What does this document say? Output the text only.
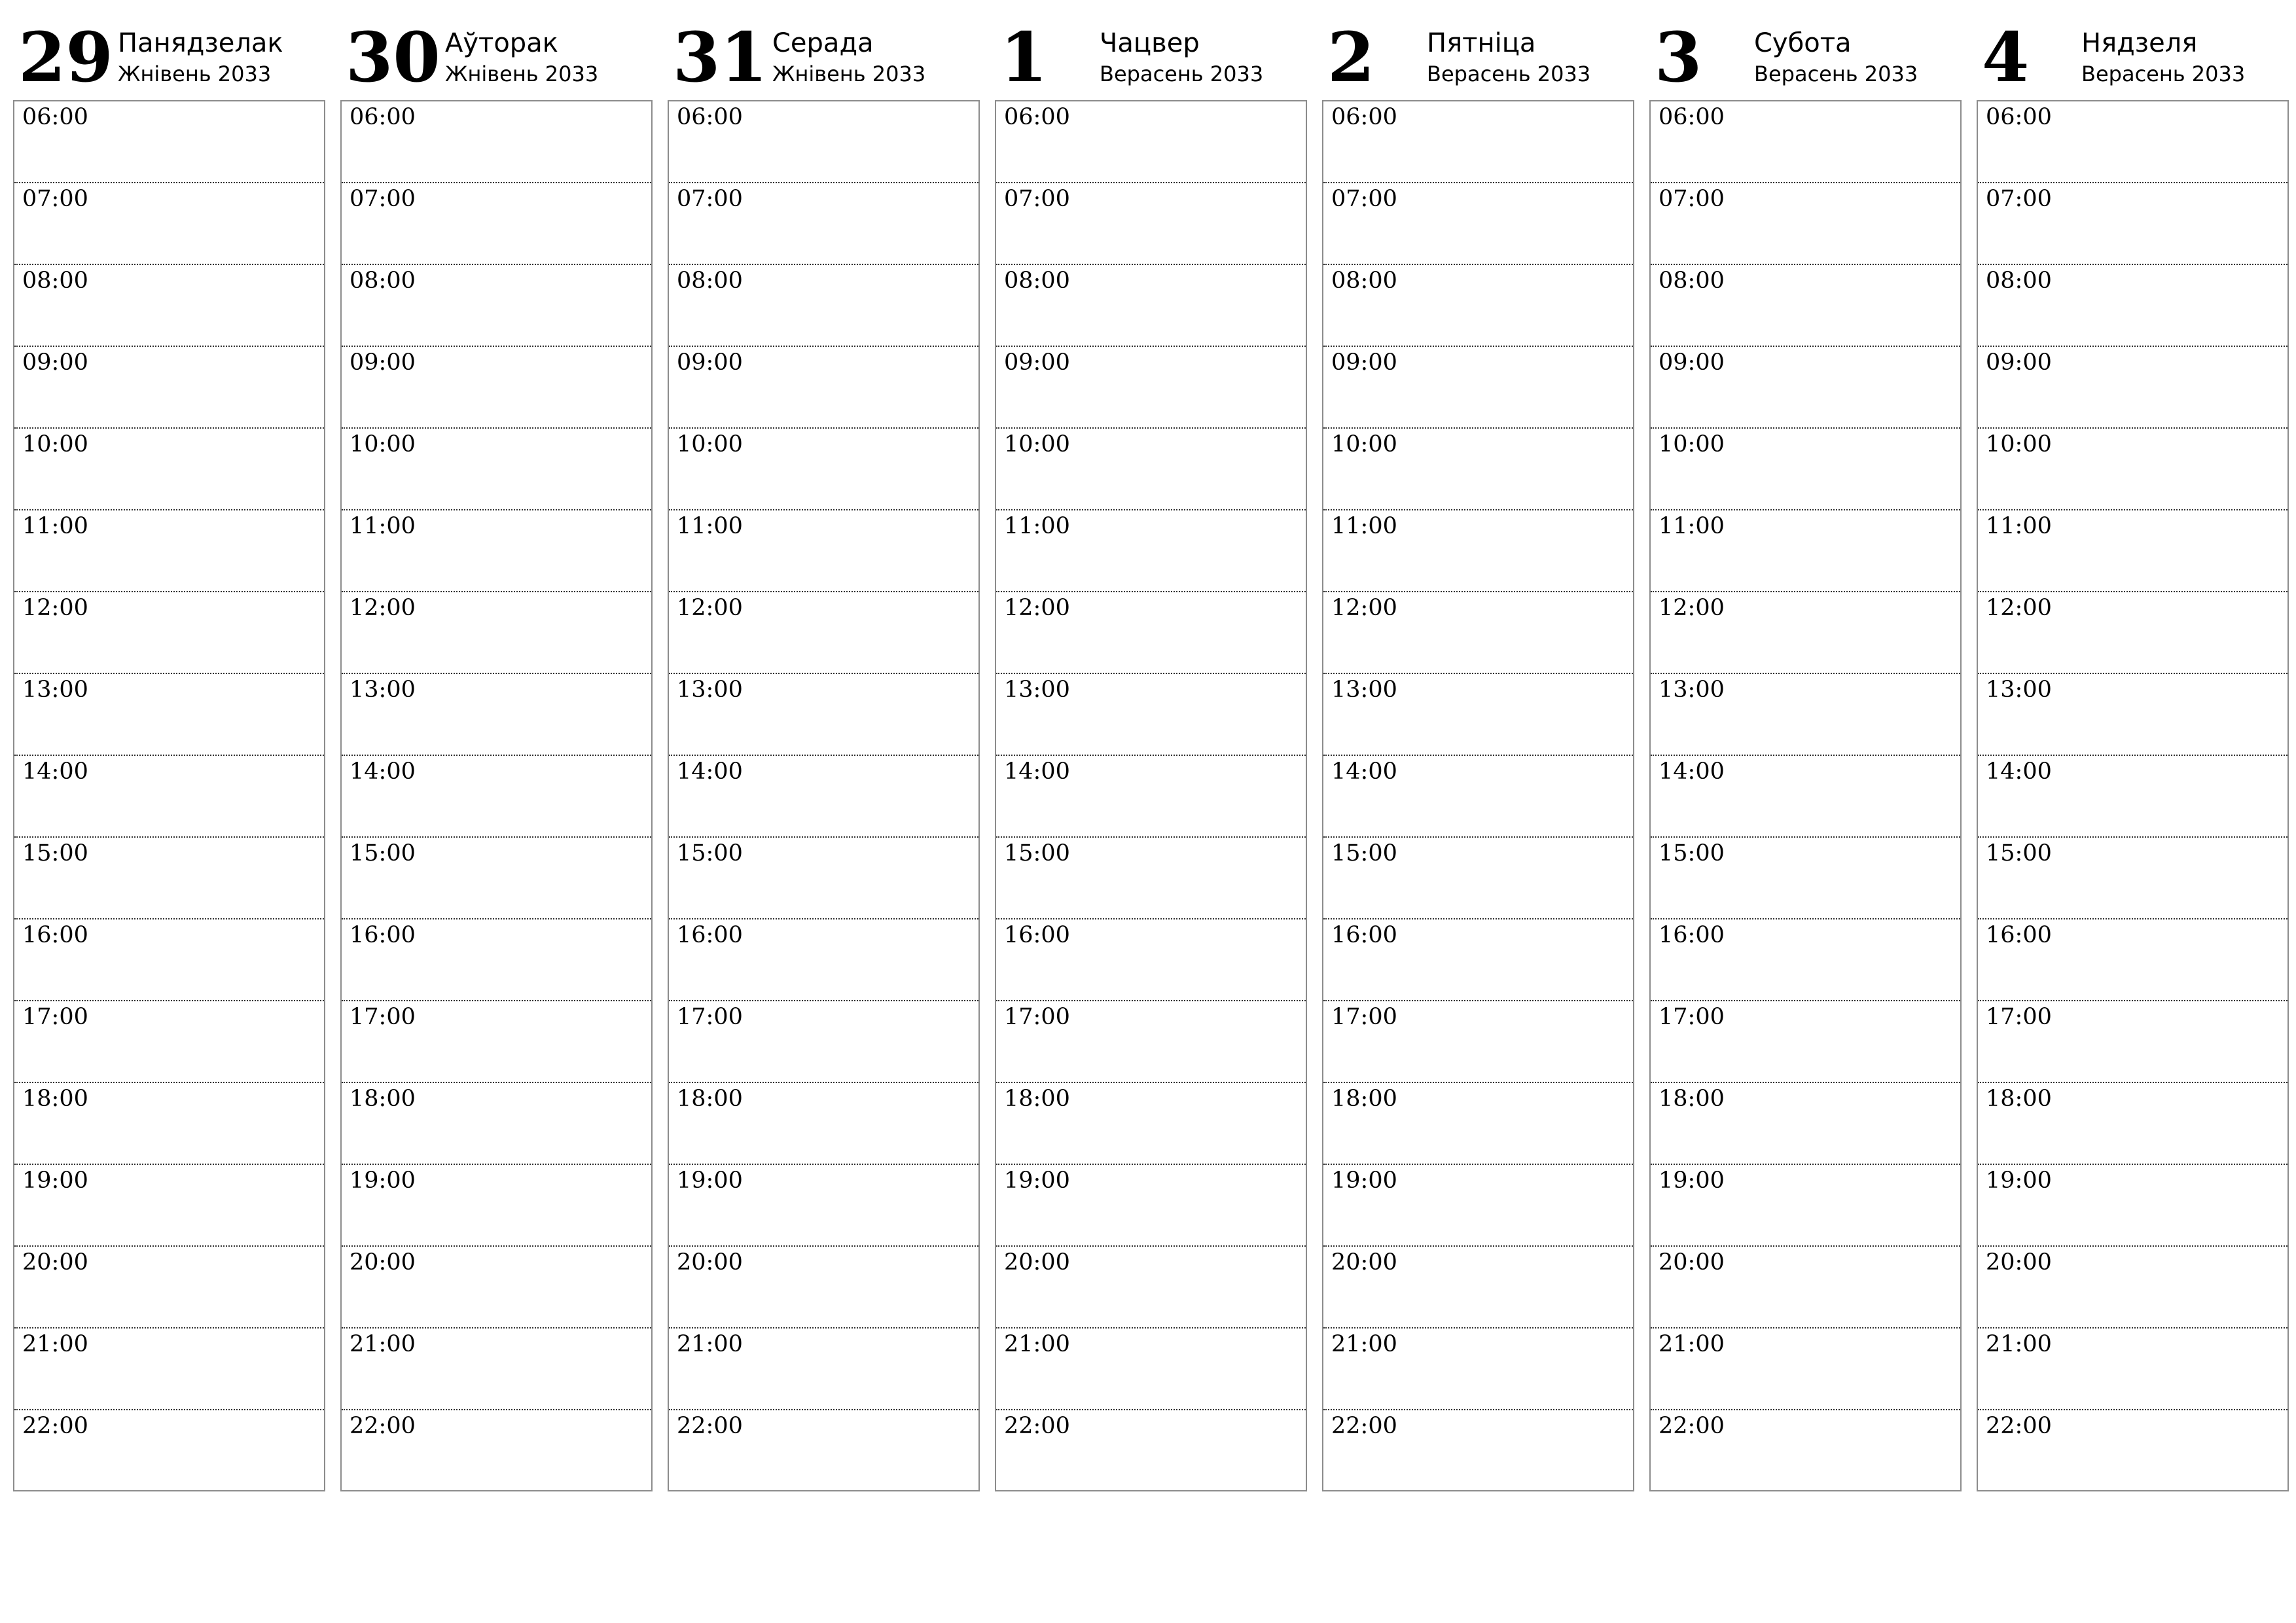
29 Панядзелак
Жнівень 2033
06:00
07:00
08:00
09:00
10:00
11:00
12:00
13:00
14:00
15:00
16:00
17:00
18:00
19:00
20:00
21:00
22:00
30 Аўторак
Жнівень 2033
06:00
07:00
08:00
09:00
10:00
11:00
12:00
13:00
14:00
15:00
16:00
17:00
18:00
19:00
20:00
21:00
22:00
31 Серада
Жнівень 2033
06:00
07:00
08:00
09:00
10:00
11:00
12:00
13:00
14:00
15:00
16:00
17:00
18:00
19:00
20:00
21:00
22:00
1	Чацвер
Верасень 2033
06:00
07:00
08:00
09:00
10:00
11:00
12:00
13:00
14:00
15:00
16:00
17:00
18:00
19:00
20:00
21:00
22:00
2	Пятніца
Верасень 2033
06:00
07:00
08:00
09:00
10:00
11:00
12:00
13:00
14:00
15:00
16:00
17:00
18:00
19:00
20:00
21:00
22:00
3	Субота
Верасень 2033
06:00
07:00
08:00
09:00
10:00
11:00
12:00
13:00
14:00
15:00
16:00
17:00
18:00
19:00
20:00
21:00
22:00
4	Нядзеля
Верасень 2033
06:00
07:00
08:00
09:00
10:00
11:00
12:00
13:00
14:00
15:00
16:00
17:00
18:00
19:00
20:00
21:00
22:00
